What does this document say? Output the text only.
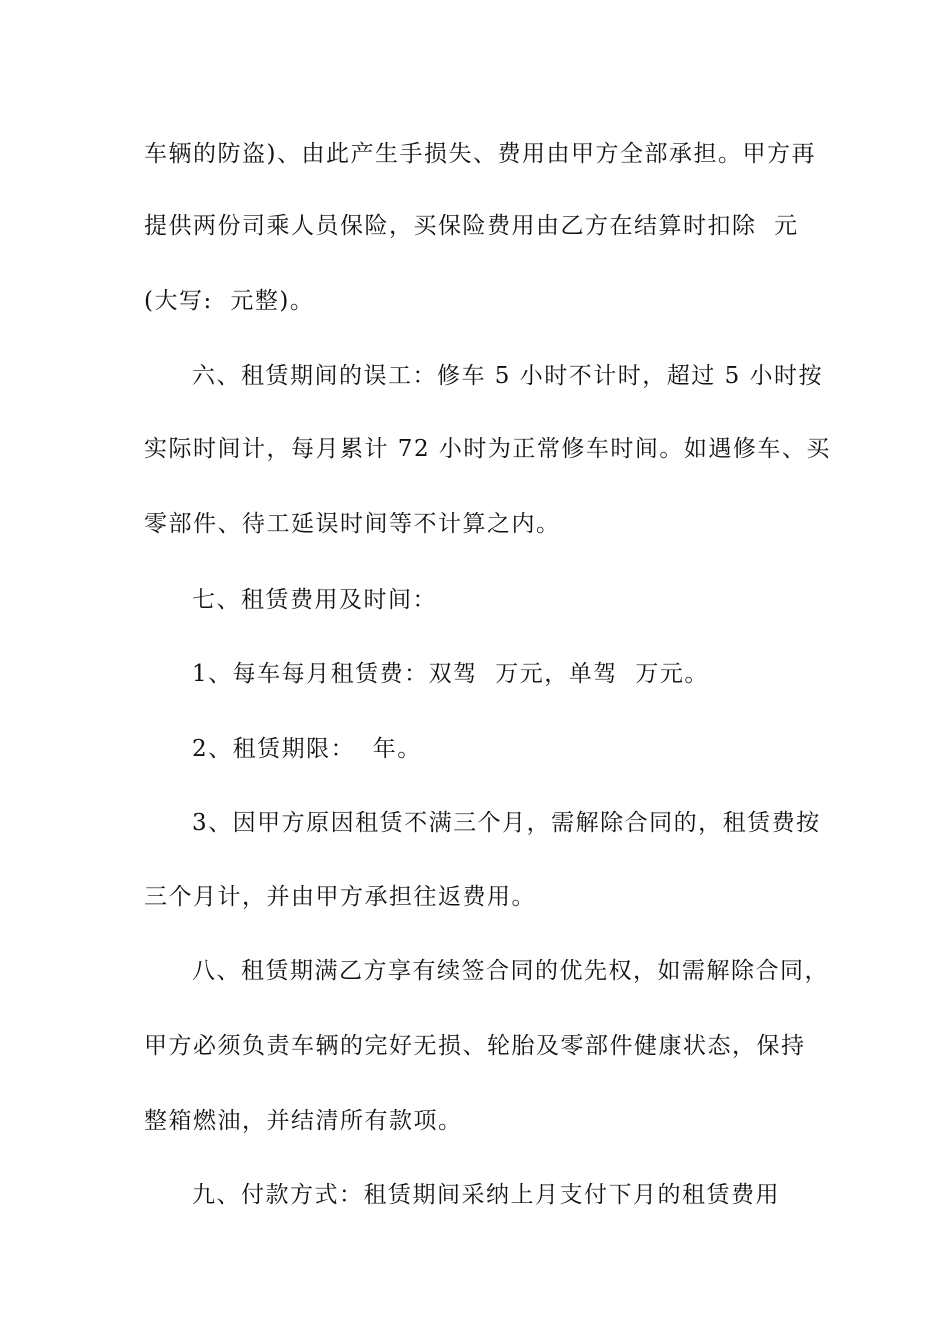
车辆的防盗)、由此产生手损失、费用由甲方全部承担。甲方再
提供两份司乘人员保险，买保险费用由乙方在结算时扣除  元
(大写:  元整)。
六、租赁期间的误工：修车 5 小时不计时，超过 5 小时按
实际时间计，每月累计 72 小时为正常修车时间。如遇修车、买
零部件、待工延误时间等不计算之内。
七、租赁费用及时间：
1、每车每月租赁费：双驾  万元，单驾  万元。
2、租赁期限：  年。
3、因甲方原因租赁不满三个月，需解除合同的，租赁费按
三个月计，并由甲方承担往返费用。
八、租赁期满乙方享有续签合同的优先权，如需解除合同，
甲方必须负责车辆的完好无损、轮胎及零部件健康状态，保持
整箱燃油，并结清所有款项。
九、付款方式：租赁期间采纳上月支付下月的租赁费用
